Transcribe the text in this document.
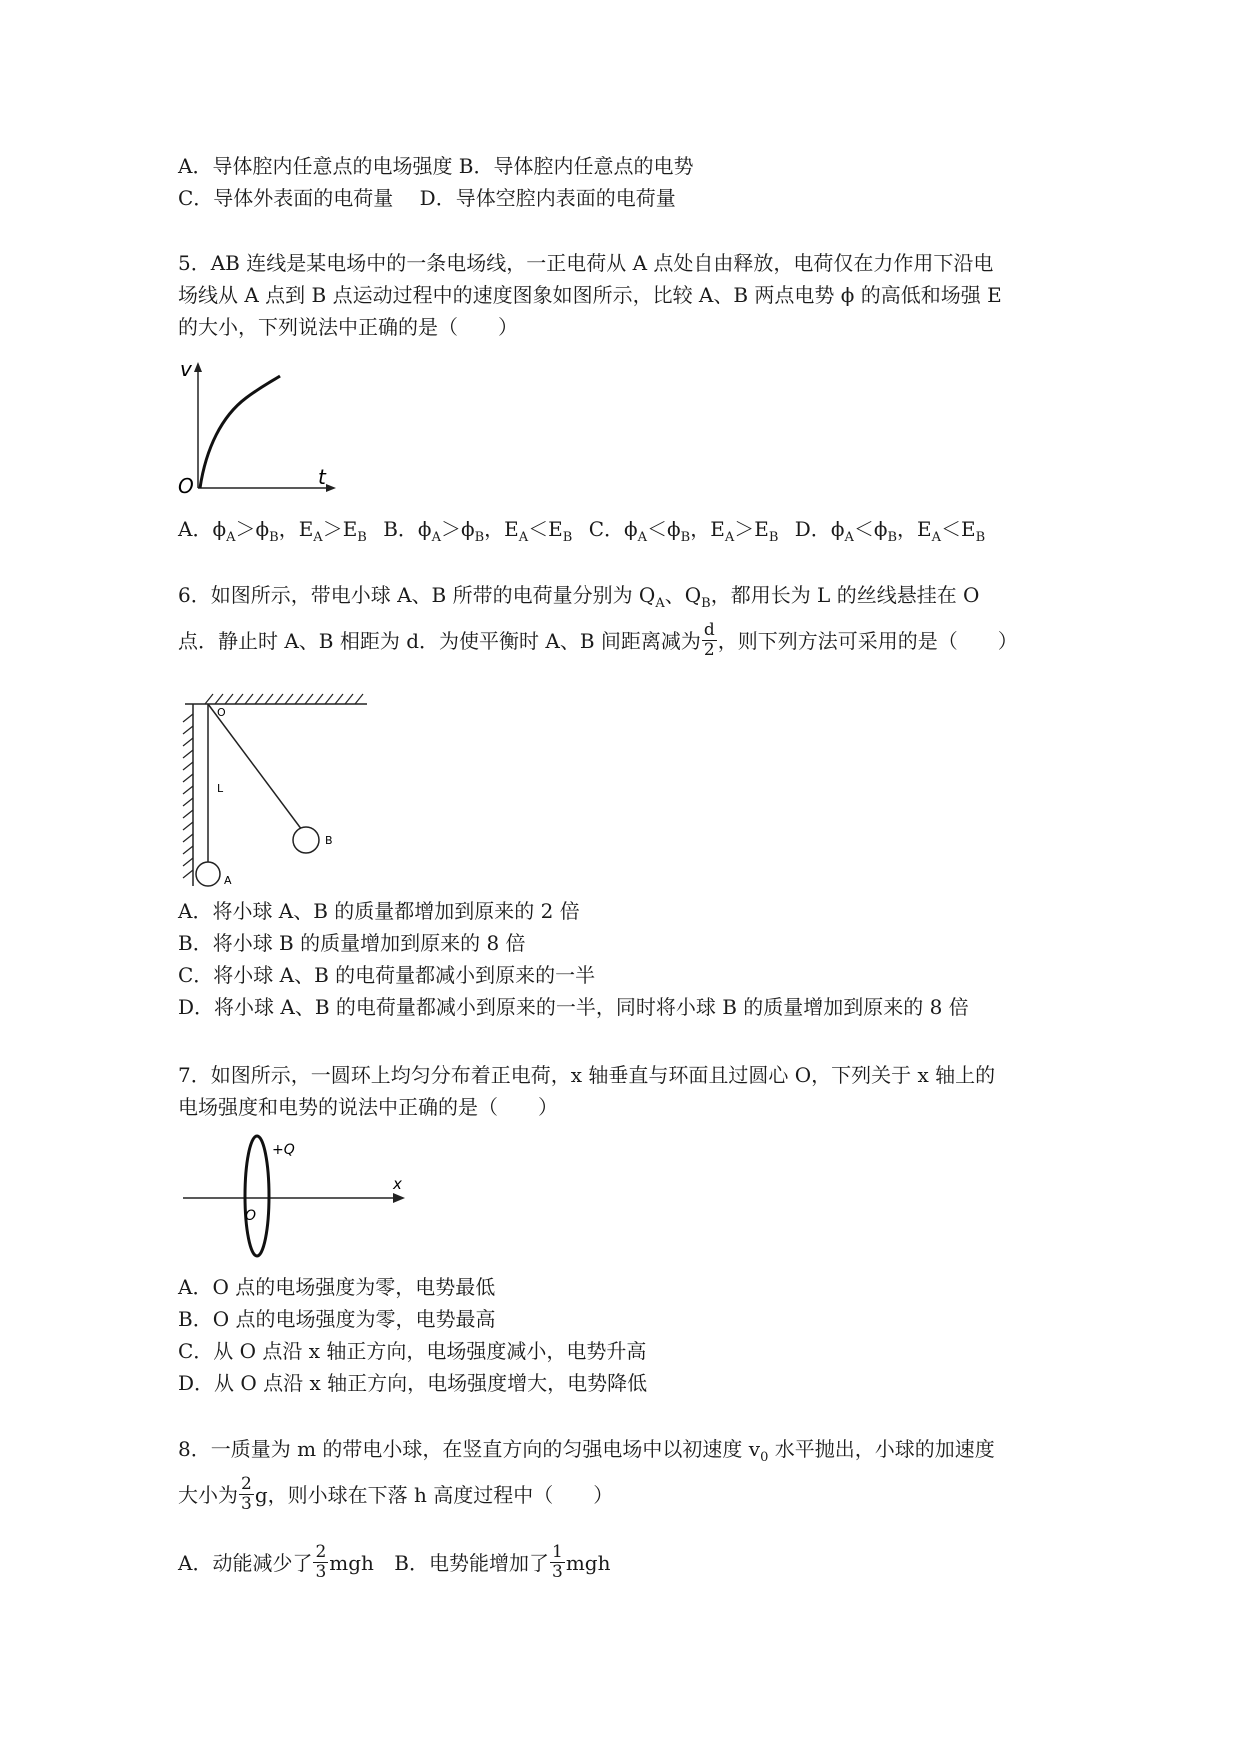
A．导体腔内任意点的电场强度 B．导体腔内任意点的电势
C．导体外表面的电荷量　 D．导体空腔内表面的电荷量
5．AB 连线是某电场中的一条电场线，一正电荷从 A 点处自由释放，电荷仅在力作用下沿电
场线从 A 点到 B 点运动过程中的速度图象如图所示，比较 A、B 两点电势 ϕ 的高低和场强 E
的大小，下列说法中正确的是（　　）
v
t
O
A．$\phi_A>\phi_B$，$E_A>E_B$ B．$\phi_A>\phi_B$，$E_A<E_B$ C．$\phi_A<\phi_B$，$E_A>E_B$ D．$\phi_A<\phi_B$，$E_A<E_B$
6．如图所示，带电小球 A、B 所带的电荷量分别为 $Q_A$、$Q_B$，都用长为 L 的丝线悬挂在 O
点．静止时 A、B 相距为 d．为使平衡时 A、B 间距离减为 $\frac{d}{2}$ ，则下列方法可采用的是（　　）
O
L
A
B
A．将小球 A、B 的质量都增加到原来的 2 倍
B．将小球 B 的质量增加到原来的 8 倍
C．将小球 A、B 的电荷量都减小到原来的一半
D．将小球 A、B 的电荷量都减小到原来的一半，同时将小球 B 的质量增加到原来的 8 倍
7．如图所示，一圆环上均匀分布着正电荷，x 轴垂直与环面且过圆心 O，下列关于 x 轴上的
电场强度和电势的说法中正确的是（　　）
+Q
x
O
A．O 点的电场强度为零，电势最低
B．O 点的电场强度为零，电势最高
C．从 O 点沿 x 轴正方向，电场强度减小，电势升高
D．从 O 点沿 x 轴正方向，电场强度增大，电势降低
8．一质量为 m 的带电小球，在竖直方向的匀强电场中以初速度 $v_0$ 水平抛出，小球的加速度
大小为 $\frac{2}{3}$ g，则小球在下落 h 高度过程中（　　）
A．动能减少了 $\frac{2}{3}$ mgh B．电势能增加了 $\frac{1}{3}$ mgh
